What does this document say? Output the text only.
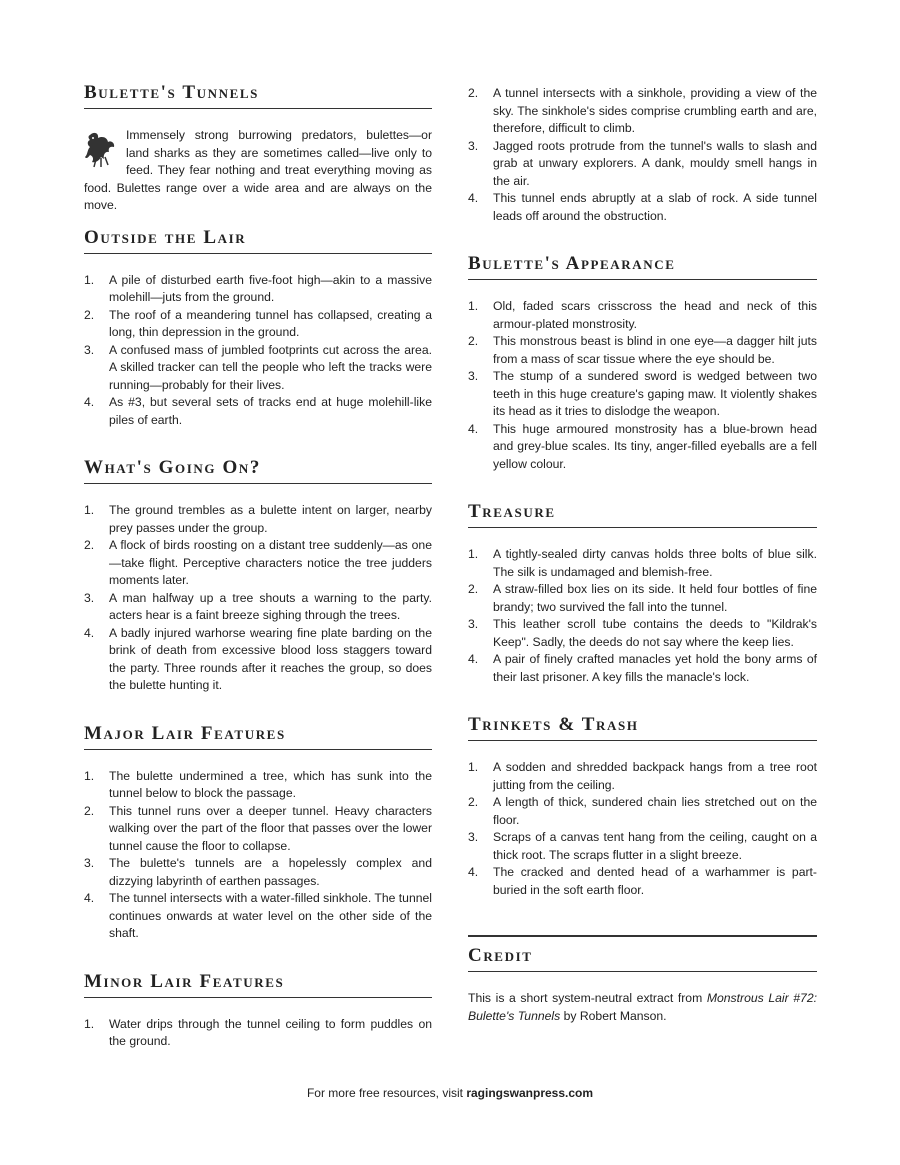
Bulette's Tunnels

Immensely strong burrowing predators, bulettes—or land sharks as they are sometimes called—live only to feed. They fear nothing and treat everything moving as food. Bulettes range over a wide area and are always on the move.

Outside the Lair
1. A pile of disturbed earth five-foot high—akin to a massive molehill—juts from the ground.
2. The roof of a meandering tunnel has collapsed, creating a long, thin depression in the ground.
3. A confused mass of jumbled footprints cut across the area. A skilled tracker can tell the people who left the tracks were running—probably for their lives.
4. As #3, but several sets of tracks end at huge molehill-like piles of earth.
What's Going On?
1. The ground trembles as a bulette intent on larger, nearby prey passes under the group.
2. A flock of birds roosting on a distant tree suddenly—as one—take flight. Perceptive characters notice the tree judders moments later.
3. A man halfway up a tree shouts a warning to the party. acters hear is a faint breeze sighing through the trees.
4. A badly injured warhorse wearing fine plate barding on the brink of death from excessive blood loss staggers toward the party. Three rounds after it reaches the group, so does the bulette hunting it.
Major Lair Features
1. The bulette undermined a tree, which has sunk into the tunnel below to block the passage.
2. This tunnel runs over a deeper tunnel. Heavy characters walking over the part of the floor that passes over the lower tunnel cause the floor to collapse.
3. The bulette's tunnels are a hopelessly complex and dizzying labyrinth of earthen passages.
4. The tunnel intersects with a water-filled sinkhole. The tunnel continues onwards at water level on the other side of the shaft.
Minor Lair Features
1. Water drips through the tunnel ceiling to form puddles on the ground.
2. A tunnel intersects with a sinkhole, providing a view of the sky. The sinkhole's sides comprise crumbling earth and are, therefore, difficult to climb.
3. Jagged roots protrude from the tunnel's walls to slash and grab at unwary explorers. A dank, mouldy smell hangs in the air.
4. This tunnel ends abruptly at a slab of rock. A side tunnel leads off around the obstruction.
Bulette's Appearance
1. Old, faded scars crisscross the head and neck of this armour-plated monstrosity.
2. This monstrous beast is blind in one eye—a dagger hilt juts from a mass of scar tissue where the eye should be.
3. The stump of a sundered sword is wedged between two teeth in this huge creature's gaping maw. It violently shakes its head as it tries to dislodge the weapon.
4. This huge armoured monstrosity has a blue-brown head and grey-blue scales. Its tiny, anger-filled eyeballs are a fell yellow colour.
Treasure
1. A tightly-sealed dirty canvas holds three bolts of blue silk. The silk is undamaged and blemish-free.
2. A straw-filled box lies on its side. It held four bottles of fine brandy; two survived the fall into the tunnel.
3. This leather scroll tube contains the deeds to "Kildrak's Keep". Sadly, the deeds do not say where the keep lies.
4. A pair of finely crafted manacles yet hold the bony arms of their last prisoner. A key fills the manacle's lock.
Trinkets & Trash
1. A sodden and shredded backpack hangs from a tree root jutting from the ceiling.
2. A length of thick, sundered chain lies stretched out on the floor.
3. Scraps of a canvas tent hang from the ceiling, caught on a thick root. The scraps flutter in a slight breeze.
4. The cracked and dented head of a warhammer is part-buried in the soft earth floor.
Credit

This is a short system-neutral extract from Monstrous Lair #72: Bulette's Tunnels by Robert Manson.

For more free resources, visit ragingswanpress.com
